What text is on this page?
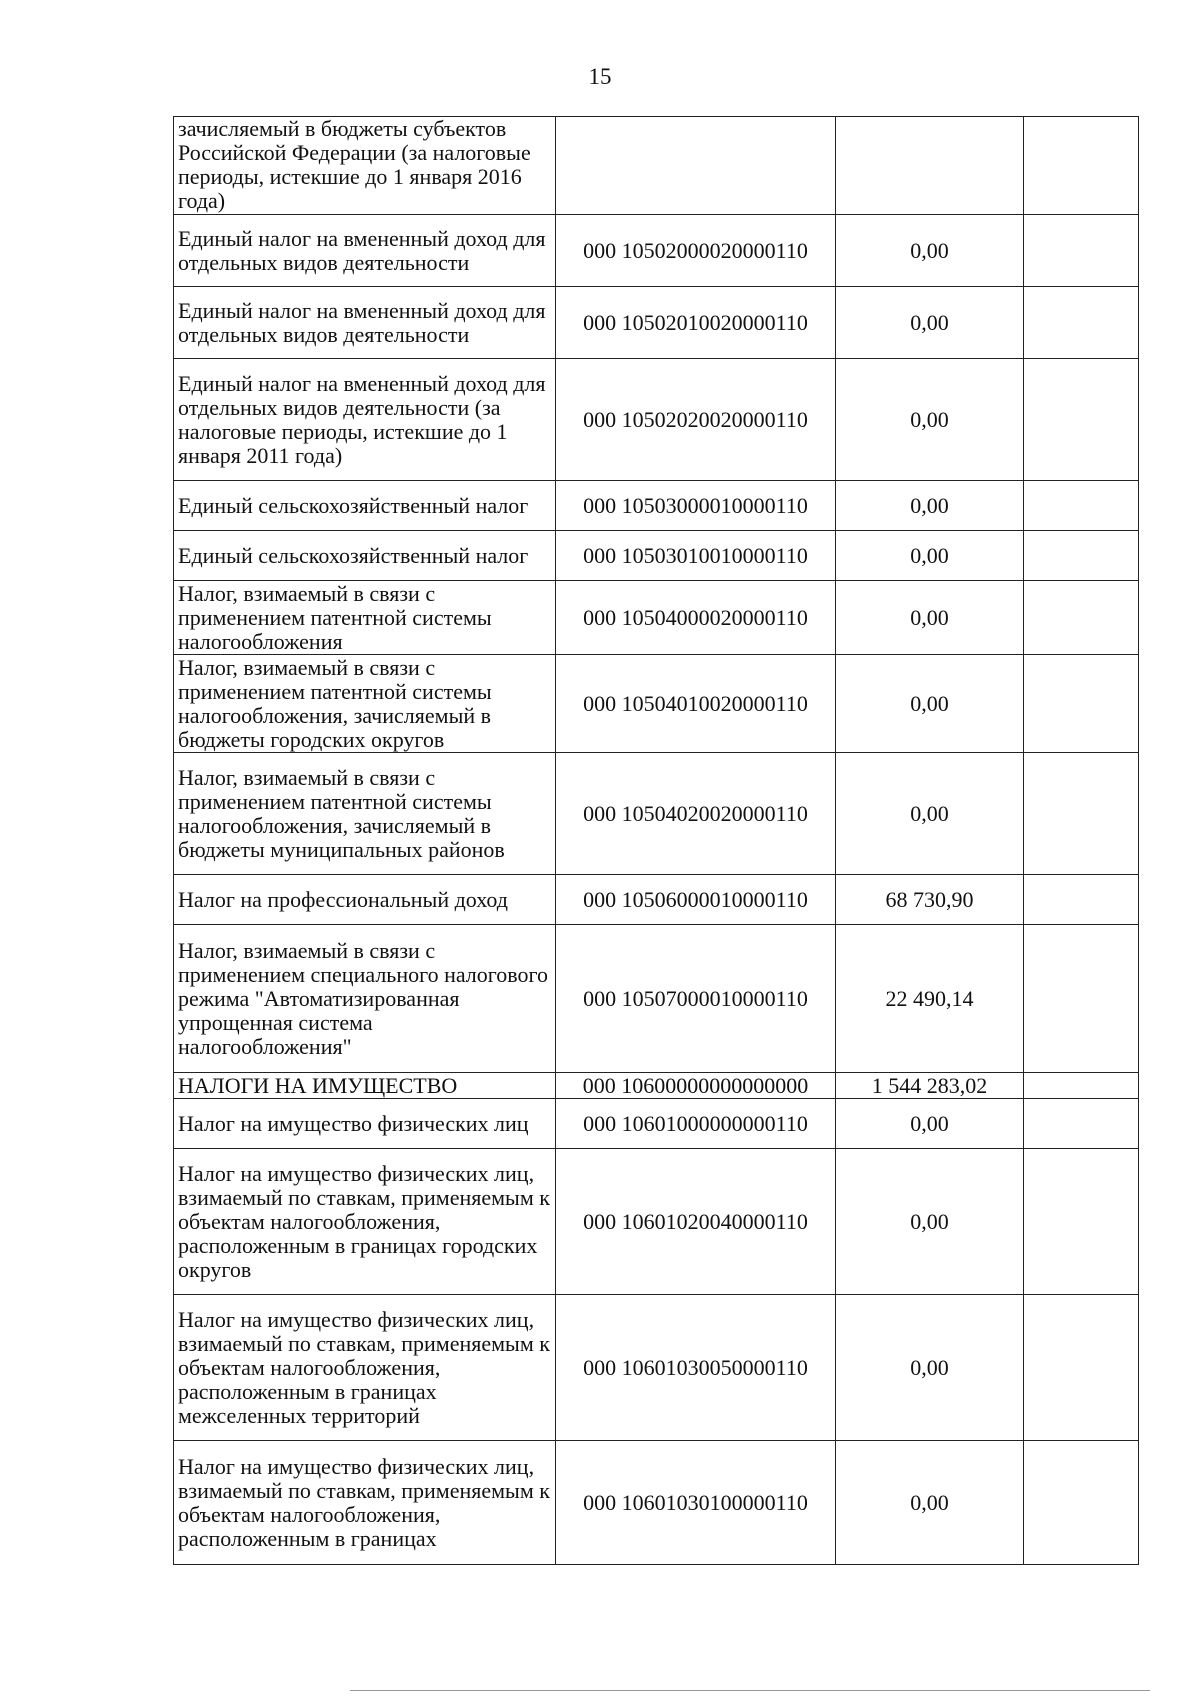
15
зачисляемый в бюджеты субъектов Российской Федерации (за налоговые периоды, истекшие до 1 января 2016 года)			
Единый налог на вмененный доход для отдельных видов деятельности	000 10502000020000110	0,00	
Единый налог на вмененный доход для отдельных видов деятельности	000 10502010020000110	0,00	
Единый налог на вмененный доход для отдельных видов деятельности (за налоговые периоды, истекшие до 1 января 2011 года)	000 10502020020000110	0,00	
Единый сельскохозяйственный налог	000 10503000010000110	0,00	
Единый сельскохозяйственный налог	000 10503010010000110	0,00	
Налог, взимаемый в связи с применением патентной системы налогообложения	000 10504000020000110	0,00	
Налог, взимаемый в связи с применением патентной системы налогообложения, зачисляемый в бюджеты городских округов	000 10504010020000110	0,00	
Налог, взимаемый в связи с применением патентной системы налогообложения, зачисляемый в бюджеты муниципальных районов	000 10504020020000110	0,00	
Налог на профессиональный доход	000 10506000010000110	68 730,90	
Налог, взимаемый в связи с применением специального налогового режима "Автоматизированная упрощенная система налогообложения"	000 10507000010000110	22 490,14	
НАЛОГИ НА ИМУЩЕСТВО	000 10600000000000000	1 544 283,02	
Налог на имущество физических лиц	000 10601000000000110	0,00	
Налог на имущество физических лиц, взимаемый по ставкам, применяемым к объектам налогообложения, расположенным в границах городских округов	000 10601020040000110	0,00	
Налог на имущество физических лиц, взимаемый по ставкам, применяемым к объектам налогообложения, расположенным в границах межселенных территорий	000 10601030050000110	0,00	
Налог на имущество физических лиц, взимаемый по ставкам, применяемым к объектам налогообложения, расположенным в границах	000 10601030100000110	0,00	
